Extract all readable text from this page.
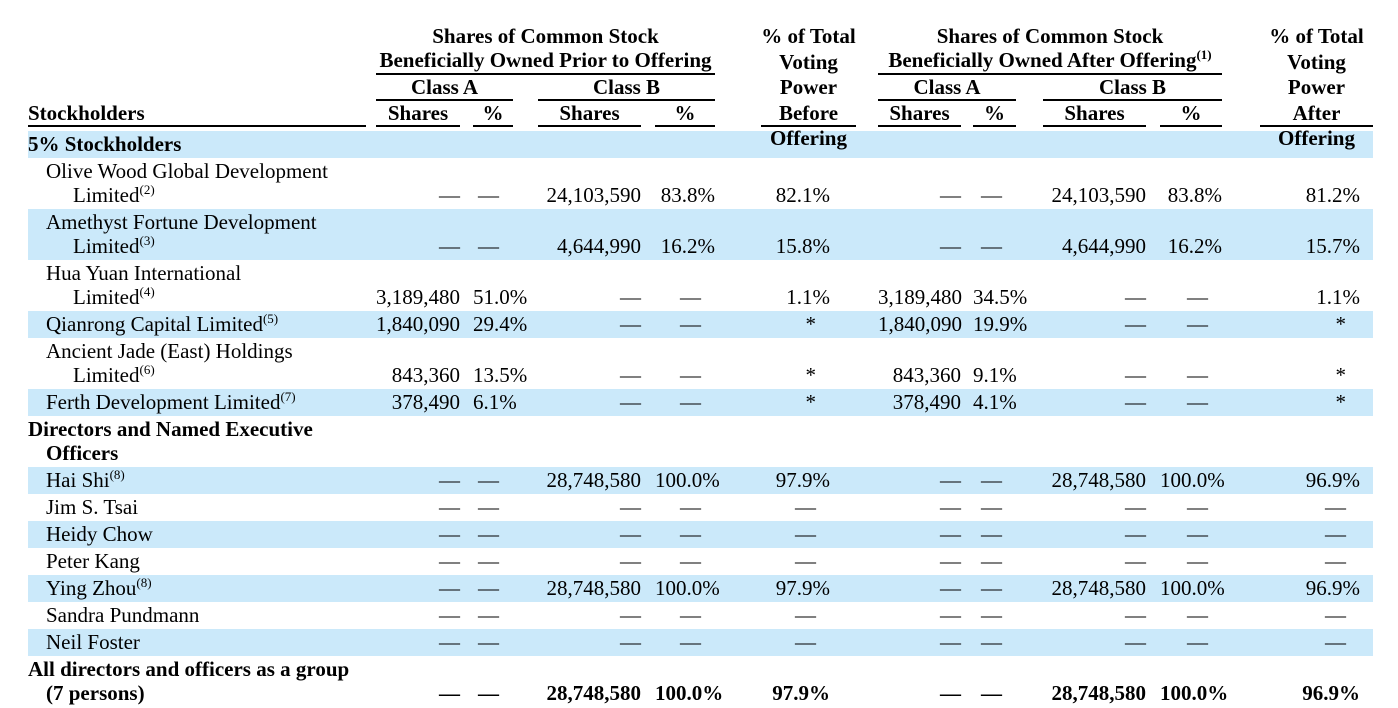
Stockholders
Shares of Common Stock
Beneficially Owned Prior to Offering
% of Total
Voting Power
Before
Offering
Shares of Common Stock
Beneficially Owned After Offering$^{(1)}$
% of Total
Voting Power
After
Offering
Class A	Class B	Class A	Class B
Shares	%	Shares	%	Shares	%	Shares	%
5% Stockholders
Olive Wood Global Development
Limited$^{(2)}$	— —	24,103,590 83.8%	82.1%	— —	24,103,590	83.8%	81.2%
Amethyst Fortune Development
Limited$^{(3)}$	— —	4,644,990 16.2%	15.8%	— —	4,644,990	16.2%	15.7%
Hua Yuan International
Limited$^{(4)}$	3,189,480 51.0%	—	—	1.1%	3,189,480 34.5%	—	—	1.1%
Qianrong Capital Limited$^{(5)}$	1,840,090 29.4%	—	—	*	1,840,090 19.9%	—	—	*
Ancient Jade (East) Holdings
Limited$^{(6)}$	843,360 13.5%	—	—	*	843,360 9.1%	—	—	*
Ferth Development Limited$^{(7)}$	378,490 6.1%	—	—	*	378,490 4.1%	—	—	*
Directors and Named Executive
Officers
Hai Shi$^{(8)}$	— —	28,748,580 100.0%	97.9%	— —	28,748,580 100.0%	96.9%
Jim S. Tsai	— —	—	—	—	— —	—	—	—
Heidy Chow	— —	—	—	—	— —	—	—	—
Peter Kang	— —	—	—	—	— —	—	—	—
Ying Zhou$^{(8)}$	— —	28,748,580 100.0%	97.9%	— —	28,748,580 100.0%	96.9%
Sandra Pundmann	— —	—	—	—	— —	—	—	—
Neil Foster	— —	—	—	—	— —	—	—	—
All directors and officers as a group
(7 persons)	— —	28,748,580 100.0%	97.9%	— —	28,748,580 100.0%	96.9%
